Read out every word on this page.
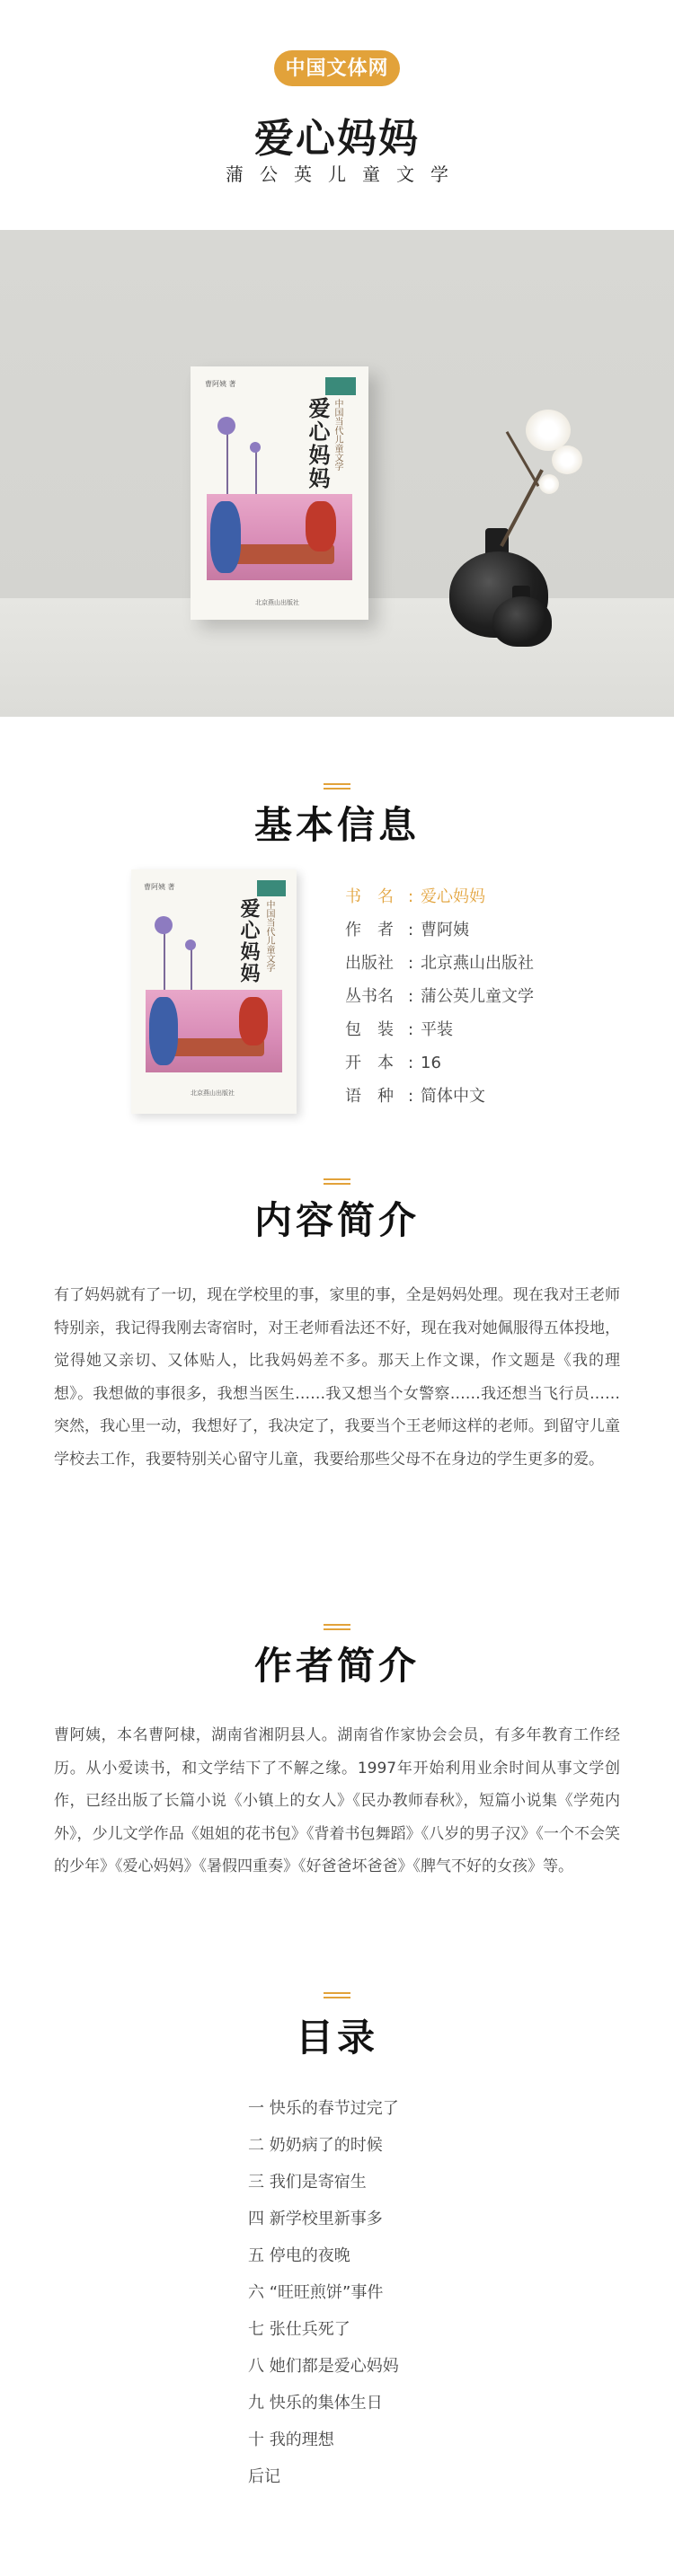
中国文体网
爱心妈妈
蒲公英儿童文学
曹阿姨 著
中国当代儿童文学
爱心妈妈
北京燕山出版社
基本信息
曹阿姨 著
中国当代儿童文学
爱心妈妈
北京燕山出版社
书　名 : 爱心妈妈
作　者 : 曹阿姨
出版社 : 北京燕山出版社
丛书名 : 蒲公英儿童文学
包　装 : 平装
开　本 : 16
语　种 : 简体中文
内容简介
有了妈妈就有了一切，现在学校里的事，家里的事，全是妈妈处理。现在我对王老师特别亲，我记得我刚去寄宿时，对王老师看法还不好，现在我对她佩服得五体投地，觉得她又亲切、又体贴人，比我妈妈差不多。那天上作文课，作文题是《我的理想》。我想做的事很多，我想当医生……我又想当个女警察……我还想当飞行员……突然，我心里一动，我想好了，我决定了，我要当个王老师这样的老师。到留守儿童学校去工作，我要特别关心留守儿童，我要给那些父母不在身边的学生更多的爱。
作者简介
曹阿姨，本名曹阿棣，湖南省湘阴县人。湖南省作家协会会员，有多年教育工作经历。从小爱读书，和文学结下了不解之缘。1997年开始利用业余时间从事文学创作，已经出版了长篇小说《小镇上的女人》《民办教师春秋》，短篇小说集《学苑内外》，少儿文学作品《姐姐的花书包》《背着书包舞蹈》《八岁的男子汉》《一个不会笑的少年》《爱心妈妈》《暑假四重奏》《好爸爸坏爸爸》《脾气不好的女孩》等。
目录
一 快乐的春节过完了
二 奶奶病了的时候
三 我们是寄宿生
四 新学校里新事多
五 停电的夜晚
六 “旺旺煎饼”事件
七 张仕兵死了
八 她们都是爱心妈妈
九 快乐的集体生日
十 我的理想
后记
